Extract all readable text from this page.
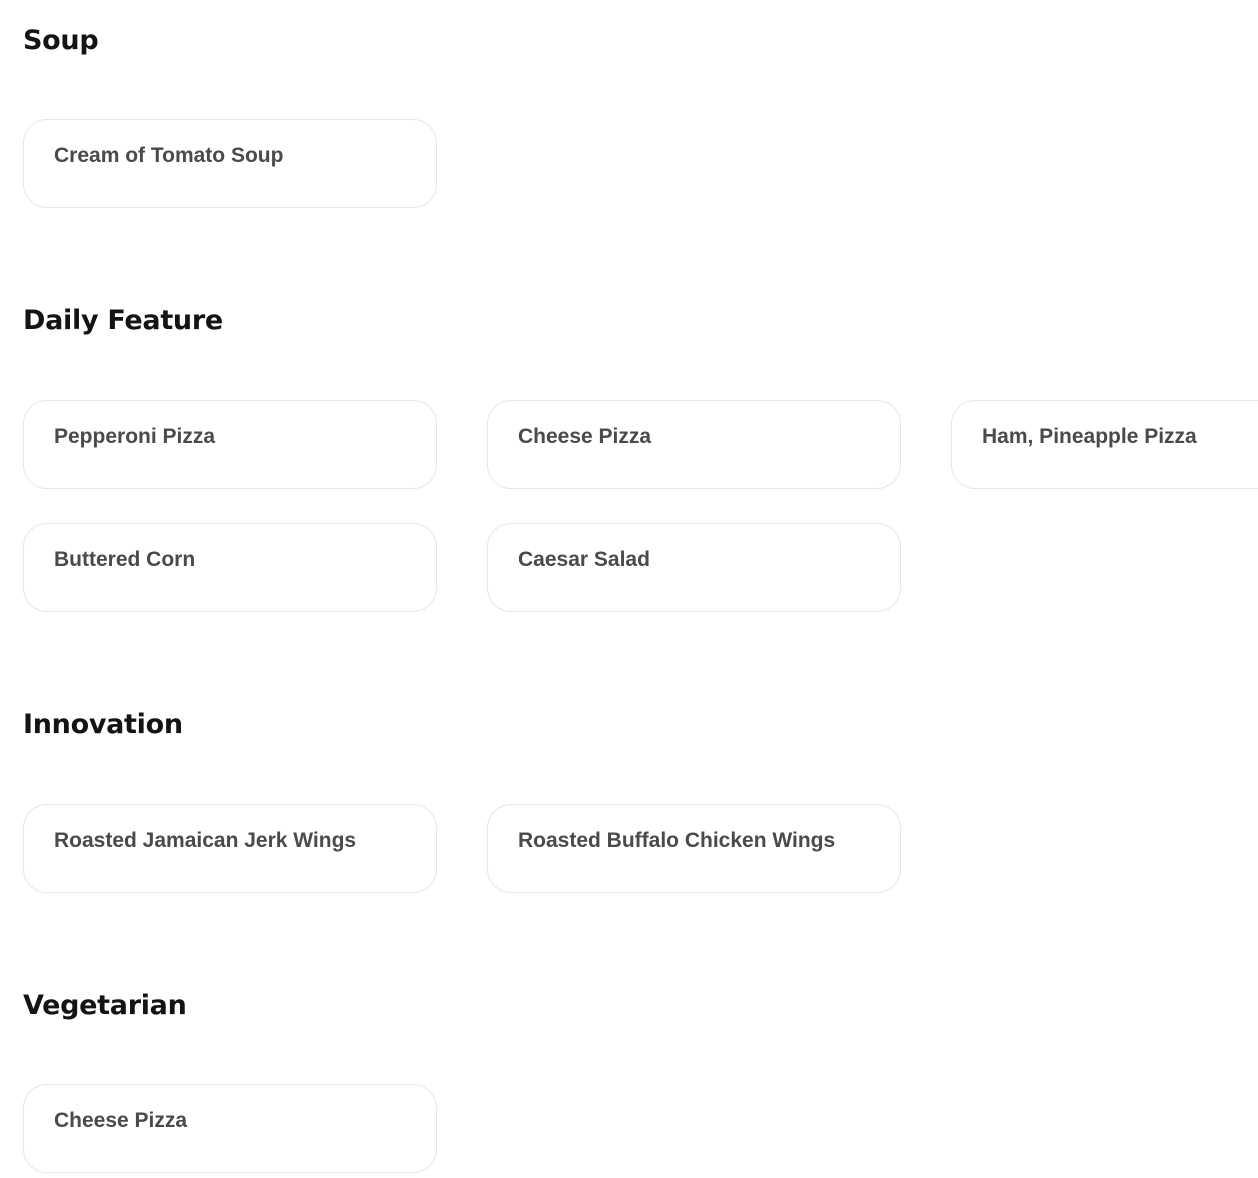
Soup
Cream of Tomato Soup
Daily Feature
Pepperoni Pizza	Cheese Pizza	Ham, Pineapple Pizza
Buttered Corn	Caesar Salad
Innovation
Roasted Jamaican Jerk Wings	Roasted Buffalo Chicken Wings
Vegetarian
Cheese Pizza
